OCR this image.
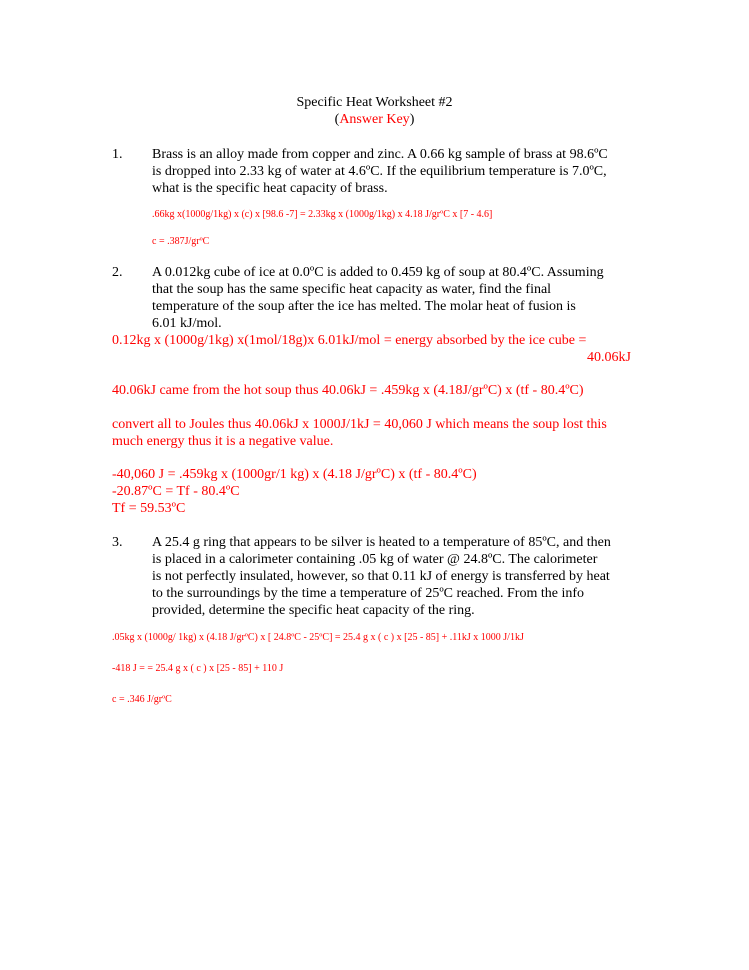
Specific Heat Worksheet #2
(Answer Key)
1. Brass is an alloy made from copper and zinc. A 0.66 kg sample of brass at 98.6ºC
is dropped into 2.33 kg of water at 4.6ºC. If the equilibrium temperature is 7.0ºC,
what is the specific heat capacity of brass.
.66kg x(1000g/1kg) x (c) x [98.6 -7] = 2.33kg x (1000g/1kg) x 4.18 J/grºC x [7 - 4.6]
c = .387J/grºC
2. A 0.012kg cube of ice at 0.0ºC is added to 0.459 kg of soup at 80.4ºC. Assuming
that the soup has the same specific heat capacity as water, find the final
temperature of the soup after the ice has melted. The molar heat of fusion is
6.01 kJ/mol.
0.12kg x (1000g/1kg) x(1mol/18g)x 6.01kJ/mol = energy absorbed by the ice cube =
40.06kJ
40.06kJ came from the hot soup thus 40.06kJ = .459kg x (4.18J/grºC) x (tf - 80.4ºC)
convert all to Joules thus 40.06kJ x 1000J/1kJ = 40,060 J which means the soup lost this
much energy thus it is a negative value.
-40,060 J = .459kg x (1000gr/1 kg) x (4.18 J/grºC) x (tf - 80.4ºC)
-20.87ºC = Tf - 80.4ºC
Tf = 59.53ºC
3. A 25.4 g ring that appears to be silver is heated to a temperature of 85ºC, and then
is placed in a calorimeter containing .05 kg of water @ 24.8ºC. The calorimeter
is not perfectly insulated, however, so that 0.11 kJ of energy is transferred by heat
to the surroundings by the time a temperature of 25ºC reached. From the info
provided, determine the specific heat capacity of the ring.
.05kg x (1000g/ 1kg) x (4.18 J/grºC) x [ 24.8ºC - 25ºC] = 25.4 g x ( c ) x [25 - 85] + .11kJ x 1000 J/1kJ
-418 J = = 25.4 g x ( c ) x [25 - 85] + 110 J
c = .346 J/grºC
